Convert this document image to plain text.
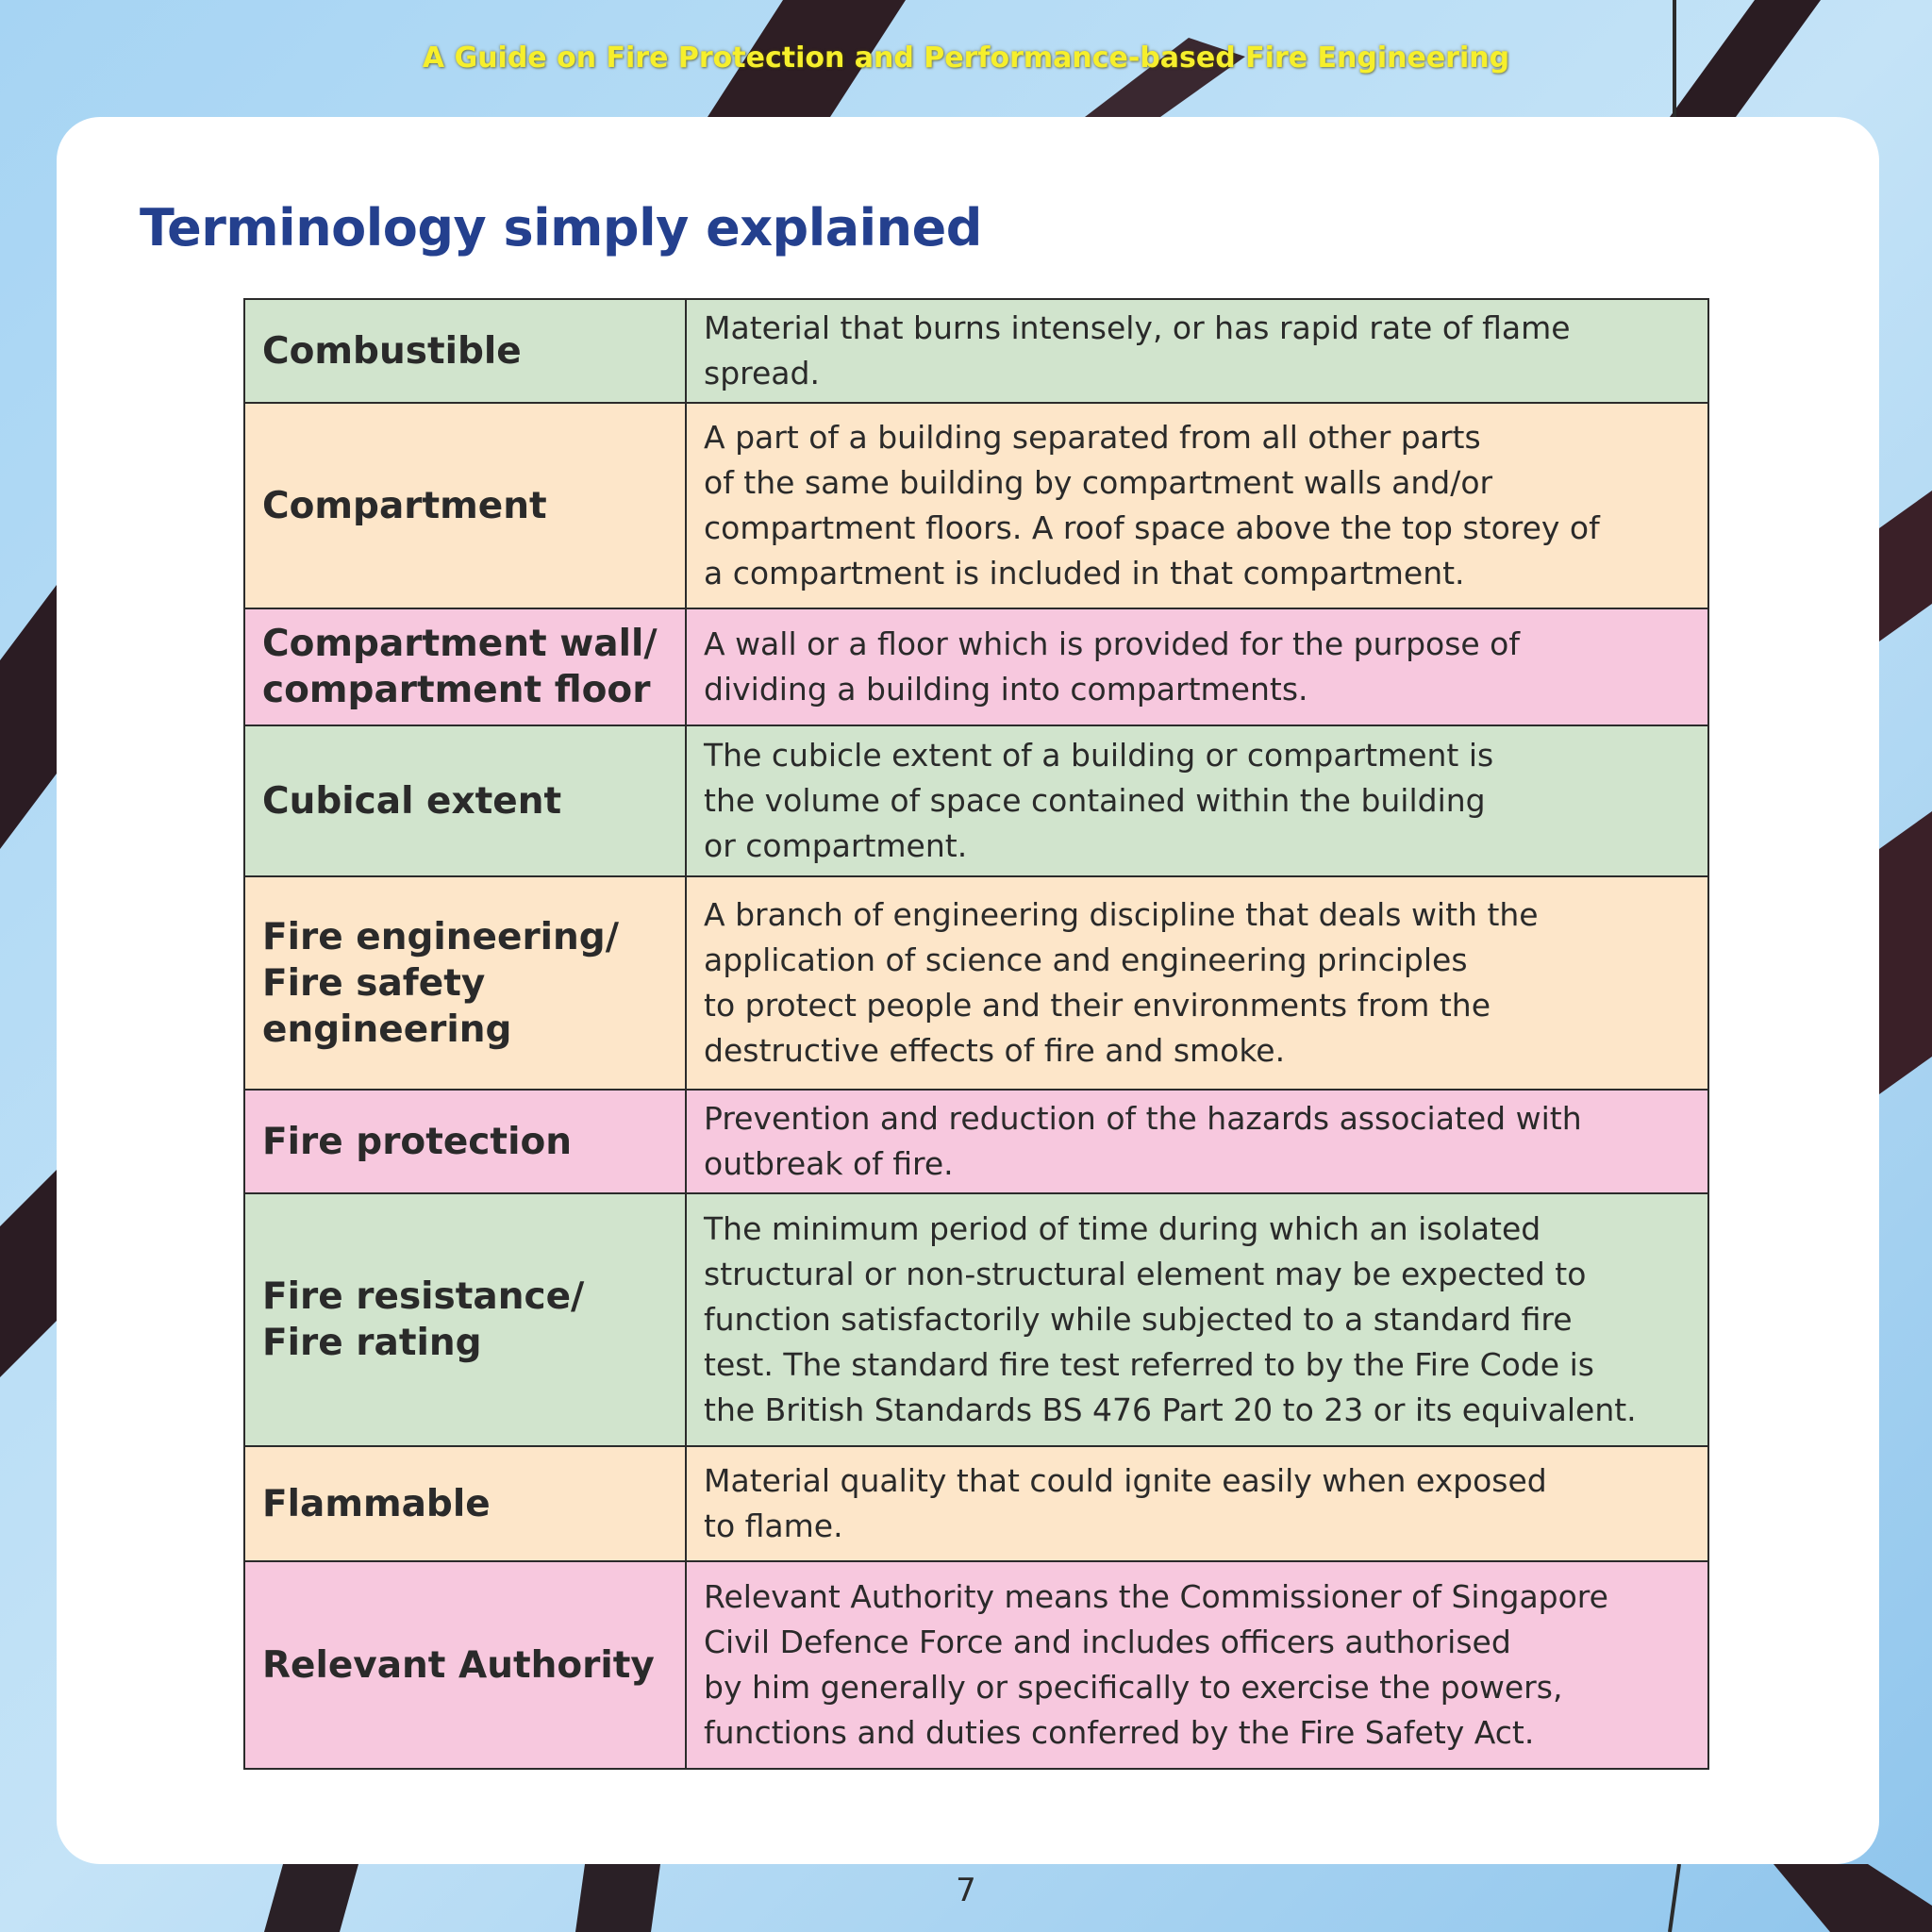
A Guide on Fire Protection and Performance-based Fire Engineering
Terminology simply explained
Combustible	Material that burns intensely, or has rapid rate of flame
spread.
Compartment	A part of a building separated from all other parts
of the same building by compartment walls and/or
compartment floors. A roof space above the top storey of
a compartment is included in that compartment.
Compartment wall/
compartment floor	A wall or a floor which is provided for the purpose of
dividing a building into compartments.
Cubical extent	The cubicle extent of a building or compartment is
the volume of space contained within the building
or compartment.
Fire engineering/
Fire safety
engineering	A branch of engineering discipline that deals with the
application of science and engineering principles
to protect people and their environments from the
destructive effects of fire and smoke.
Fire protection	Prevention and reduction of the hazards associated with
outbreak of fire.
Fire resistance/
Fire rating	The minimum period of time during which an isolated
structural or non-structural element may be expected to
function satisfactorily while subjected to a standard fire
test. The standard fire test referred to by the Fire Code is
the British Standards BS 476 Part 20 to 23 or its equivalent.
Flammable	Material quality that could ignite easily when exposed
to flame.
Relevant Authority	Relevant Authority means the Commissioner of Singapore
Civil Defence Force and includes officers authorised
by him generally or specifically to exercise the powers,
functions and duties conferred by the Fire Safety Act.
7
